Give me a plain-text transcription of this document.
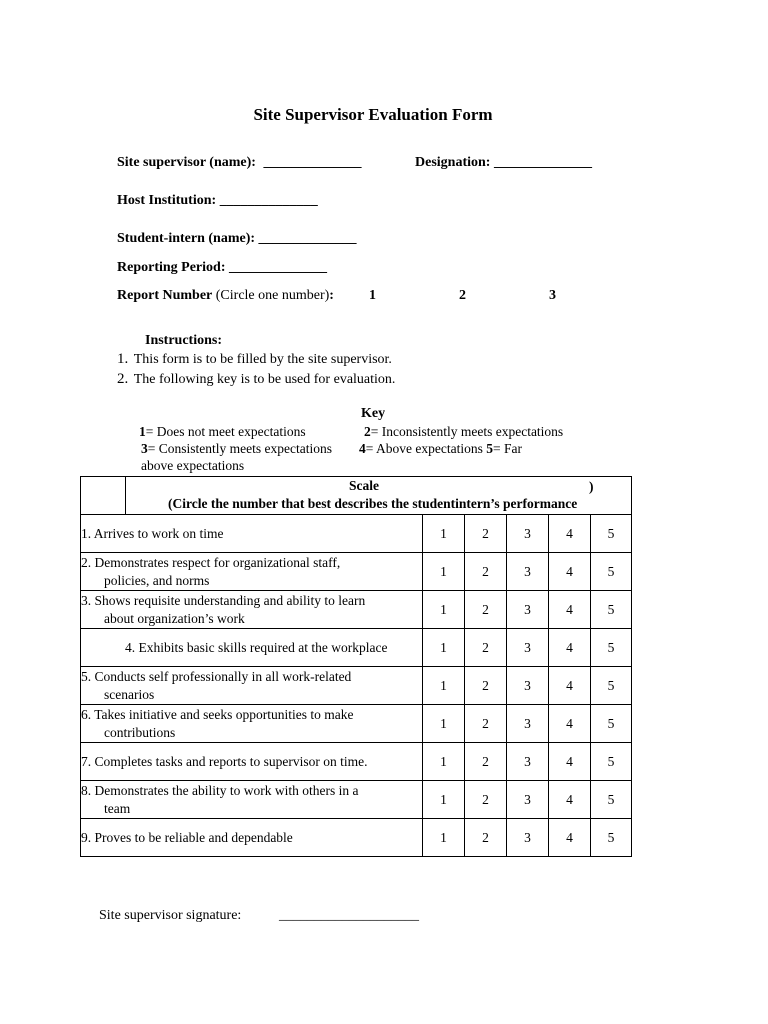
Site Supervisor Evaluation Form
Site supervisor (name): ______________	Designation: ______________
Host Institution: ______________
Student-intern (name): ______________
Reporting Period: ______________
Report Number (Circle one number):	1	2	3
Instructions:
1. This form is to be filled by the site supervisor.
2. The following key is to be used for evaluation.
Key
1= Does not meet expectations	2= Inconsistently meets expectations
3= Consistently meets expectations 4= Above expectations 5= Far
above expectations
Scale )
(Circle the number that best describes the studentintern’s performance					

1. Arrives to work on time	1	2	3	4	5
2. Demonstrates respect for organizational staff,
policies, and norms	1	2	3	4	5
3. Shows requisite understanding and ability to learn
about organization’s work	1	2	3	4	5
4. Exhibits basic skills required at the workplace	1	2	3	4	5
5. Conducts self professionally in all work-related
scenarios	1	2	3	4	5
6. Takes initiative and seeks opportunities to make
contributions	1	2	3	4	5
7. Completes tasks and reports to supervisor on time.	1	2	3	4	5
8. Demonstrates the ability to work with others in a
team	1	2	3	4	5
9. Proves to be reliable and dependable	1	2	3	4	5
Site supervisor signature:	____________________
